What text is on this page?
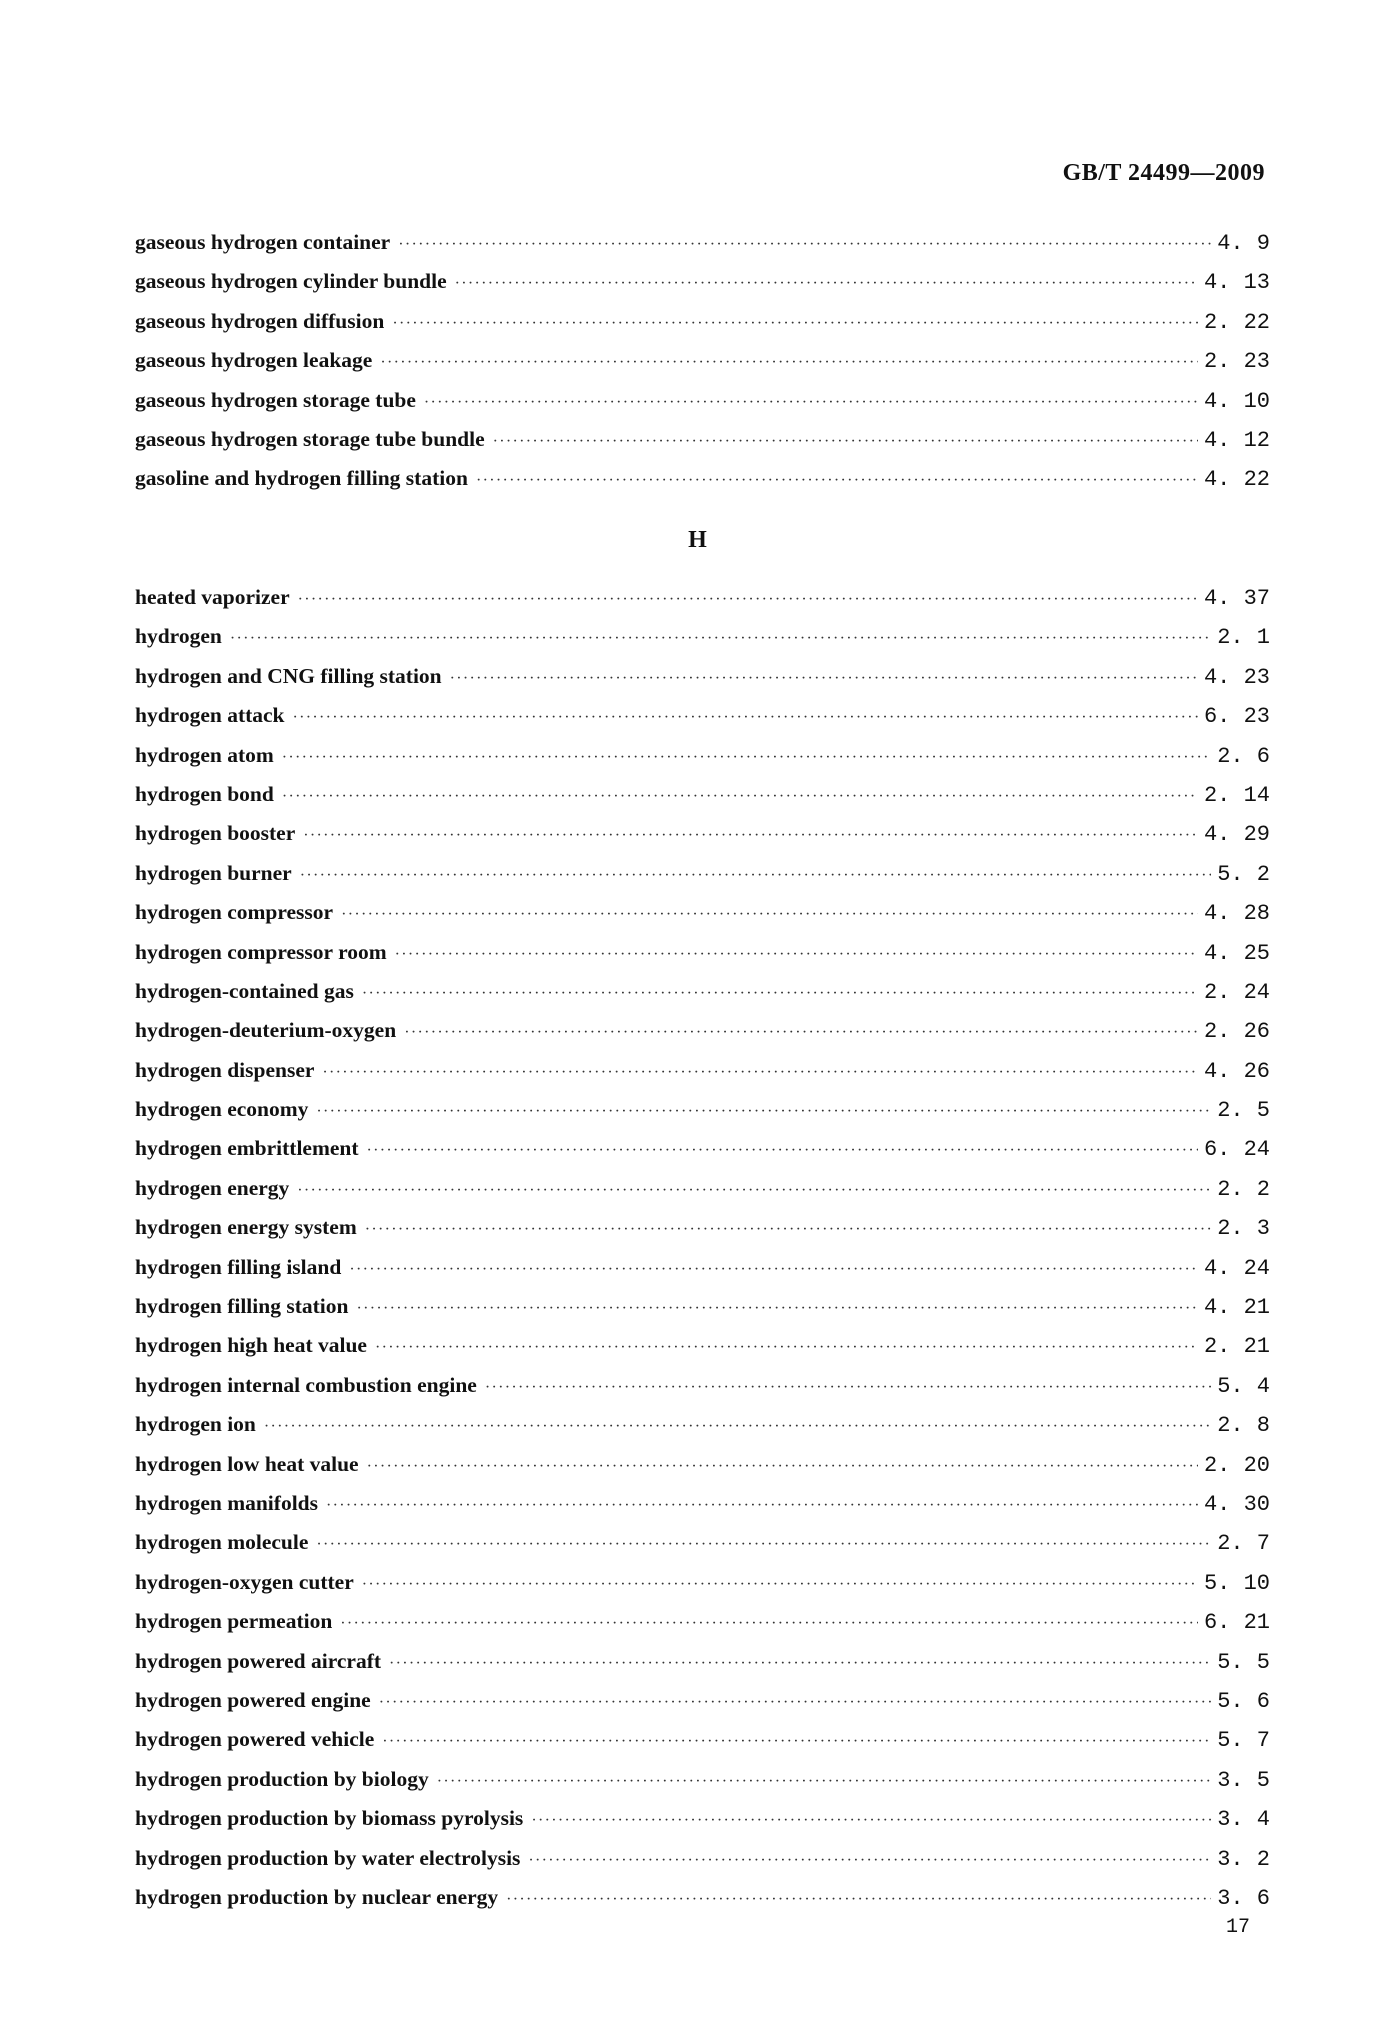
GB/T 24499—2009
gaseous hydrogen container ·····	4. 9
gaseous hydrogen cylinder bundle ·····	4. 13
gaseous hydrogen diffusion ·····	2. 22
gaseous hydrogen leakage ·····	2. 23
gaseous hydrogen storage tube ·····	4. 10
gaseous hydrogen storage tube bundle ·····	4. 12
gasoline and hydrogen filling station ·····	4. 22
H
heated vaporizer ·····	4. 37
hydrogen ·····	2. 1
hydrogen and CNG filling station ·····	4. 23
hydrogen attack ·····	6. 23
hydrogen atom ·····	2. 6
hydrogen bond ·····	2. 14
hydrogen booster ·····	4. 29
hydrogen burner ·····	5. 2
hydrogen compressor ·····	4. 28
hydrogen compressor room ·····	4. 25
hydrogen-contained gas ·····	2. 24
hydrogen-deuterium-oxygen ·····	2. 26
hydrogen dispenser ·····	4. 26
hydrogen economy ·····	2. 5
hydrogen embrittlement ·····	6. 24
hydrogen energy ·····	2. 2
hydrogen energy system ·····	2. 3
hydrogen filling island ·····	4. 24
hydrogen filling station ·····	4. 21
hydrogen high heat value ·····	2. 21
hydrogen internal combustion engine ·····	5. 4
hydrogen ion ·····	2. 8
hydrogen low heat value ·····	2. 20
hydrogen manifolds ·····	4. 30
hydrogen molecule ·····	2. 7
hydrogen-oxygen cutter ·····	5. 10
hydrogen permeation ·····	6. 21
hydrogen powered aircraft ·····	5. 5
hydrogen powered engine ·····	5. 6
hydrogen powered vehicle ·····	5. 7
hydrogen production by biology ·····	3. 5
hydrogen production by biomass pyrolysis ·····	3. 4
hydrogen production by water electrolysis ·····	3. 2
hydrogen production by nuclear energy ·····	3. 6
17
